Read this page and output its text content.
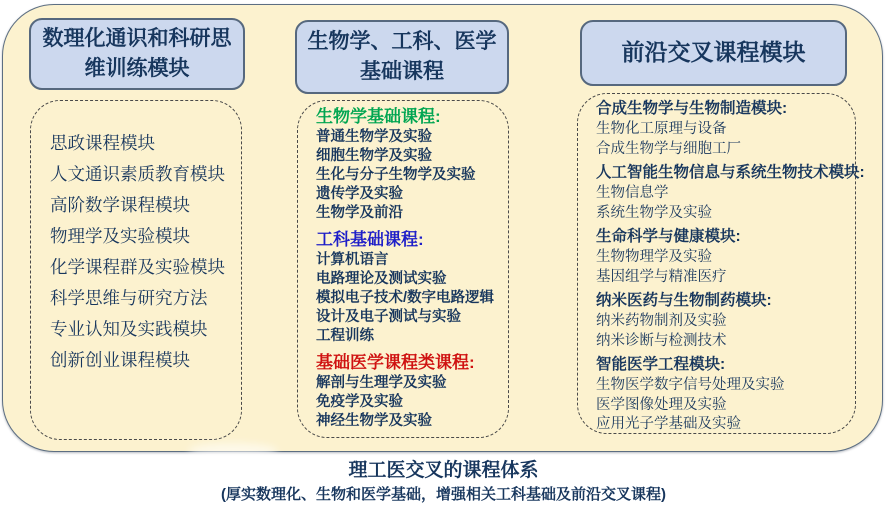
数理化通识和科研思维训练模块
思政课程模块
人文通识素质教育模块
高阶数学课程模块
物理学及实验模块
化学课程群及实验模块
科学思维与研究方法
专业认知及实践模块
创新创业课程模块
生物学、工科、医学基础课程
生物学基础课程:
普通生物学及实验
细胞生物学及实验
生化与分子生物学及实验
遗传学及实验
生物学及前沿
工科基础课程:
计算机语言
电路理论及测试实验
模拟电子技术/数字电路逻辑
设计及电子测试与实验
工程训练
基础医学课程类课程:
解剖与生理学及实验
免疫学及实验
神经生物学及实验
前沿交叉课程模块
合成生物学与生物制造模块:
生物化工原理与设备
合成生物学与细胞工厂
人工智能生物信息与系统生物技术模块:
生物信息学
系统生物学及实验
生命科学与健康模块:
生物物理学及实验
基因组学与精准医疗
纳米医药与生物制药模块:
纳米药物制剂及实验
纳米诊断与检测技术
智能医学工程模块:
生物医学数字信号处理及实验
医学图像处理及实验
应用光子学基础及实验
理工医交叉的课程体系
(厚实数理化、生物和医学基础，增强相关工科基础及前沿交叉课程)
